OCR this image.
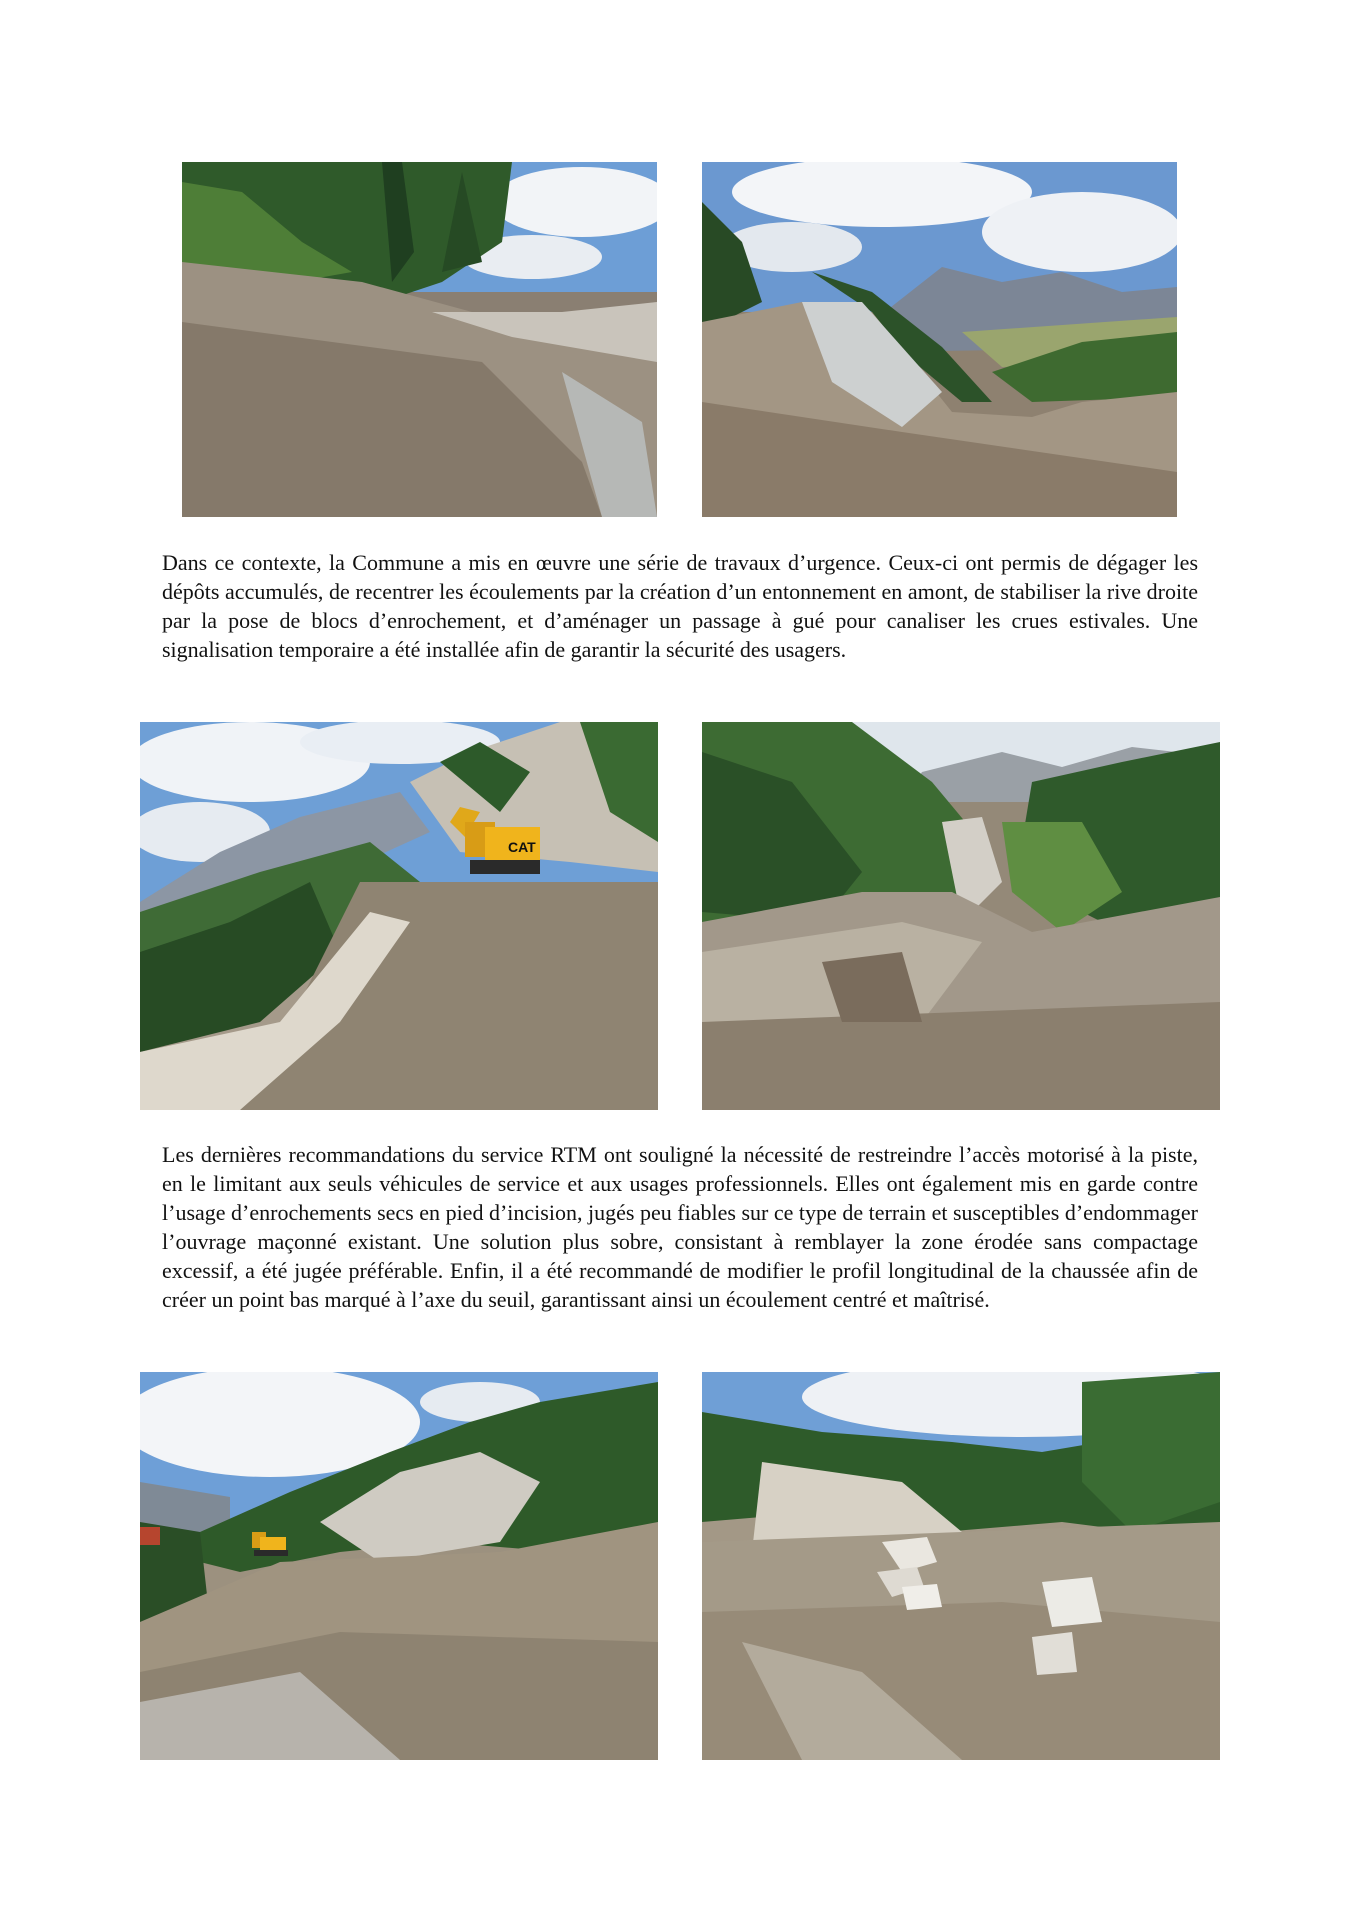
Dans ce contexte, la Commune a mis en œuvre une série de travaux d’urgence. Ceux-ci ont permis de dégager les dépôts accumulés, de recentrer les écoulements par la création d’un entonnement en amont, de stabiliser la rive droite par la pose de blocs d’enrochement, et d’aménager un passage à gué pour canaliser les crues estivales. Une signalisation temporaire a été installée afin de garantir la sécurité des usagers.

CAT

Les dernières recommandations du service RTM ont souligné la nécessité de restreindre l’accès motorisé à la piste, en le limitant aux seuls véhicules de service et aux usages professionnels. Elles ont également mis en garde contre l’usage d’enrochements secs en pied d’incision, jugés peu fiables sur ce type de terrain et susceptibles d’endommager l’ouvrage maçonné existant. Une solution plus sobre, consistant à remblayer la zone érodée sans compactage excessif, a été jugée préférable. Enfin, il a été recommandé de modifier le profil longitudinal de la chaussée afin de créer un point bas marqué à l’axe du seuil, garantissant ainsi un écoulement centré et maîtrisé.
